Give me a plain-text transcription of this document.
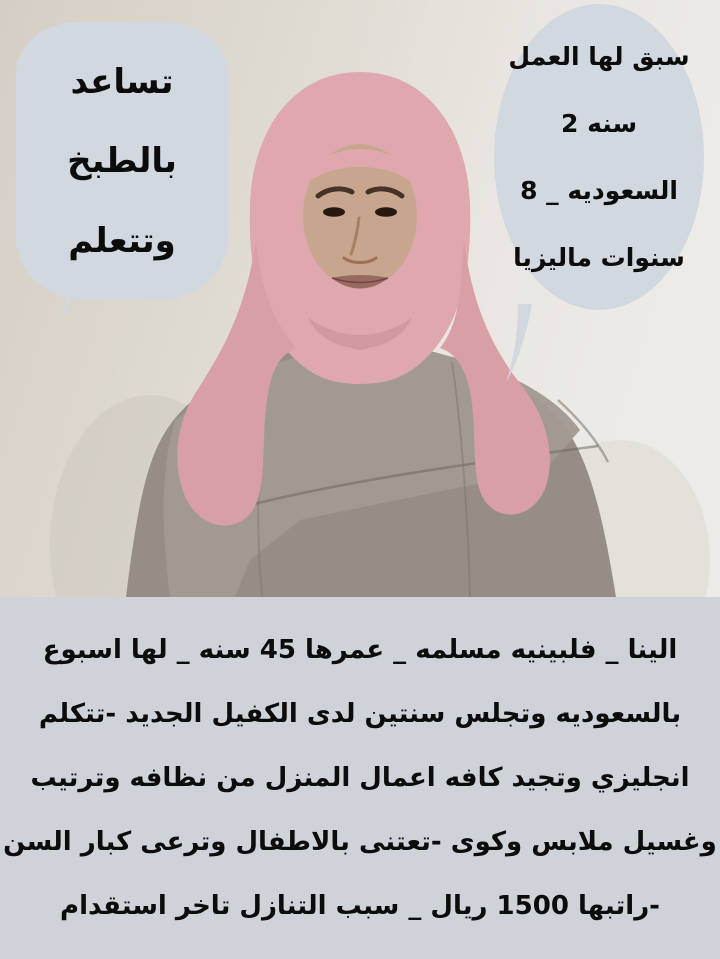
تساعد
بالطبخ
وتتعلم
سبق لها العمل
سنه 2
السعوديه _ 8
سنوات ماليزيا
الينا _ فلبينيه مسلمه _ عمرها 45 سنه _ لها اسبوع
بالسعوديه وتجلس سنتين لدى الكفيل الجديد -تتكلم
انجليزي وتجيد كافه اعمال المنزل من نظافه وترتيب
وغسيل ملابس وكوى -تعتنى بالاطفال وترعى كبار السن
-راتبها 1500 ريال _ سبب التنازل تاخر استقدام
